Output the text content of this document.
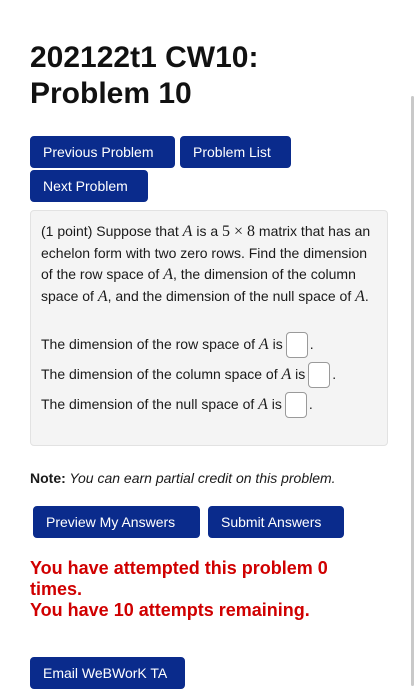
202122t1 CW10:
Problem 10
Previous Problem	Problem List
Next Problem

(1 point) Suppose that A is a 5 × 8 matrix that has an echelon form with two zero rows. Find the dimension of the row space of A, the dimension of the column space of A, and the dimension of the null space of A.

The dimension of the row space of A is .
The dimension of the column space of A is .
The dimension of the null space of A is .
Note: You can earn partial credit on this problem.
Preview My Answers	Submit Answers
You have attempted this problem 0 times.
You have 10 attempts remaining.
Email WeBWorK TA
